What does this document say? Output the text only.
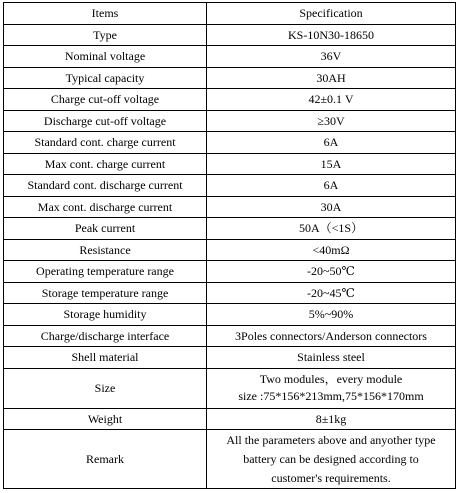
Items	Specification
Type	KS-10N30-18650
Nominal voltage	36V
Typical capacity	30AH
Charge cut-off voltage	42±0.1 V
Discharge cut-off voltage	≥30V
Standard cont. charge current	6A
Max cont. charge current	15A
Standard cont. discharge current	6A
Max cont. discharge current	30A
Peak current	50A（<1S）
Resistance	<40mΩ
Operating temperature range	-20~50℃
Storage temperature range	-20~45℃
Storage humidity	5%~90%
Charge/discharge interface	3Poles connectors/Anderson connectors
Shell material	Stainless steel
Size	Two modules，every module
size :75*156*213mm,75*156*170mm

Weight	8±1kg
Remark	All the parameters above and anyother type
battery can be designed according to
customer's requirements.
